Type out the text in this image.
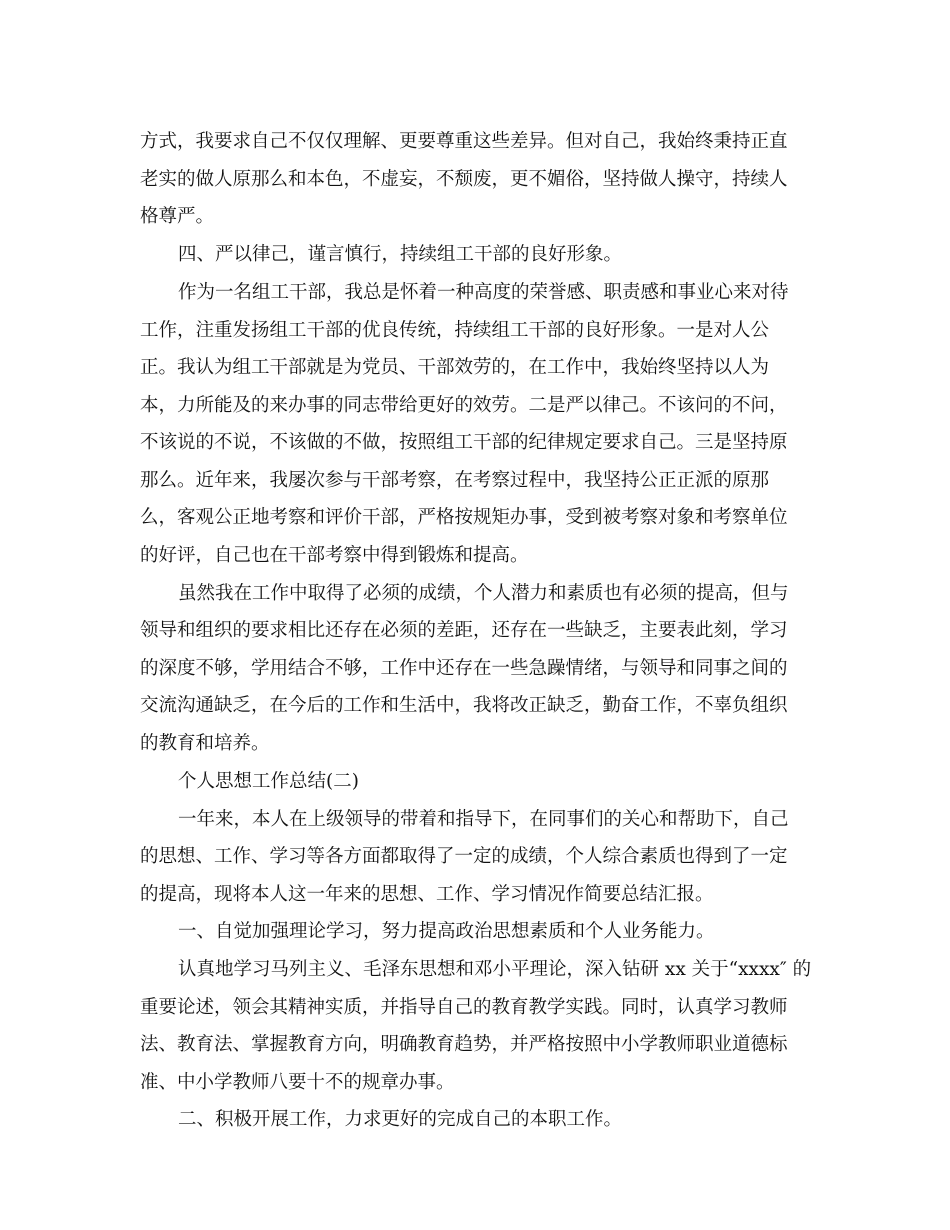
方式，我要求自己不仅仅理解、更要尊重这些差异。但对自己，我始终秉持正直
老实的做人原那么和本色，不虚妄，不颓废，更不媚俗，坚持做人操守，持续人
格尊严。
四、严以律己，谨言慎行，持续组工干部的良好形象。
作为一名组工干部，我总是怀着一种高度的荣誉感、职责感和事业心来对待
工作，注重发扬组工干部的优良传统，持续组工干部的良好形象。一是对人公
正。我认为组工干部就是为党员、干部效劳的，在工作中，我始终坚持以人为
本，力所能及的来办事的同志带给更好的效劳。二是严以律己。不该问的不问，
不该说的不说，不该做的不做，按照组工干部的纪律规定要求自己。三是坚持原
那么。近年来，我屡次参与干部考察，在考察过程中，我坚持公正正派的原那
么，客观公正地考察和评价干部，严格按规矩办事，受到被考察对象和考察单位
的好评，自己也在干部考察中得到锻炼和提高。
虽然我在工作中取得了必须的成绩，个人潜力和素质也有必须的提高，但与
领导和组织的要求相比还存在必须的差距，还存在一些缺乏，主要表此刻，学习
的深度不够，学用结合不够，工作中还存在一些急躁情绪，与领导和同事之间的
交流沟通缺乏，在今后的工作和生活中，我将改正缺乏，勤奋工作，不辜负组织
的教育和培养。
个人思想工作总结(二)
一年来，本人在上级领导的带着和指导下，在同事们的关心和帮助下，自己
的思想、工作、学习等各方面都取得了一定的成绩，个人综合素质也得到了一定
的提高，现将本人这一年来的思想、工作、学习情况作简要总结汇报。
一、自觉加强理论学习，努力提高政治思想素质和个人业务能力。
认真地学习马列主义、毛泽东思想和邓小平理论，深入钻研 xx 关于“xxxx″ 的
重要论述，领会其精神实质，并指导自己的教育教学实践。同时，认真学习教师
法、教育法、掌握教育方向，明确教育趋势，并严格按照中小学教师职业道德标
准、中小学教师八要十不的规章办事。
二、积极开展工作，力求更好的完成自己的本职工作。
